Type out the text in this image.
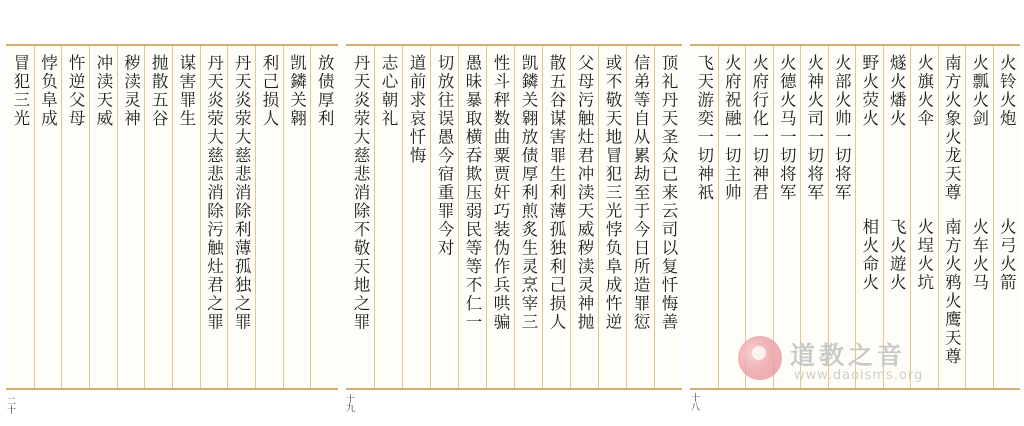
冒犯三光 悖负阜成 忤逆父母 冲渎天威 秽渎灵神 抛散五谷 谋害罪生 丹天炎荥大慈悲消除污触灶君之罪 丹天炎荥大慈悲消除利薄孤独之罪 利己损人 凯鏻关翱 放债厚利
二十
丹天炎荥大慈悲消除不敬天地之罪 志心朝礼 道前求哀忏悔 切放往误愚今宿重罪今对 愚昧暴取横吞欺压弱民等等不仁一 性斗秤数曲粟贾奸巧装伪作兵哄骗 凯鏻关翱放债厚利煎炙生灵烹宰三 散五谷谋害罪生利薄孤独利己损人 父母污触灶君冲渎天威秽渎灵神抛 或不敬天地冒犯三光悖负阜成忤逆 信弟等自从累劫至于今日所造罪愆 顶礼丹天圣众已来云司以复忏悔善
十九
飞天游奕一切神祇 火府祝融一切主帅 火府行化一切神君 火德火马一切将军 火神火司一切将军 火部火帅一切将军 野火荧火
相火命火
燧火燔火
飞火遊火
火旗火伞
火埕火坑
南方火象火龙天尊
南方火鸦火鹰天尊
火瓢火剑
火车火马
火铃火炮
火弓火箭
十八
道教之音
www.daoisms.org
